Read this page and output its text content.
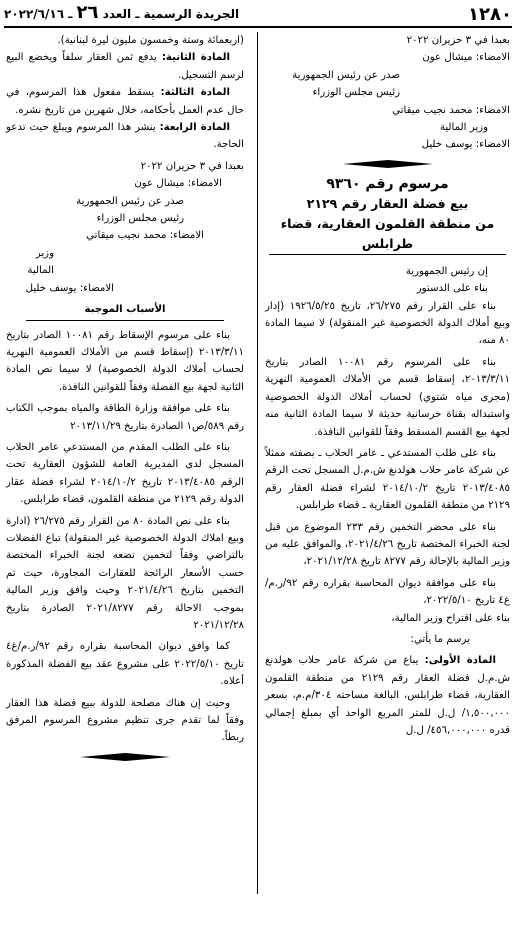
الجريدة الرسمية ـ العدد ٢٦ ـ ۲۰۲۲/٦/۱٦	۱۲۸۰

بعبدا في ٣ حزيران ٢٠٢٢

الامضاء: ميشال عون

صدر عن رئيس الجمهورية

رئيس مجلس الوزراء

الامضاء: محمد نجيب ميقاتي

وزير المالية

الامضاء: يوسف خليل

مرسوم رقم ٩٣٦٠
بيع فضلة العقار رقم ٢١٢٩
من منطقة القلمون العقارية، قضاء طرابلس

إن رئيس الجمهورية

بناء على الدستور

بناء على القرار رقم ٢٦/٢٧٥، تاريخ ١٩٢٦/٥/٢٥ (إدار وبيع أملاك الدولة الخصوصية غير المنقولة) لا سيما المادة ٨٠ منه،

بناء على المرسوم رقم ١٠٠٨١ الصادر بتاريخ ٢٠١٣/٣/١١، إسقاط قسم من الأملاك العمومية النهرية (مجرى مياه شتوي) لحساب أملاك الدولة الخصوصية واستبداله بقناة خرسانية حديثة لا سيما المادة الثانية منه لجهة بيع القسم المسقط وفقاً للقوانين النافذة.

بناء على طلب المستدعي ـ عامر الحلاب ـ بصفته ممثلاً عن شركة عامر حلاب هولدنغ ش.م.ل المسجل تحت الرقم ٢٠١٣/٤٠٨٥ تاريخ ٢٠١٤/١٠/٢ لشراء فضلة العقار رقم ٢١٢٩ من منطقة القلمون العقارية ـ قضاء طرابلس.

بناء على محضر التخمين رقم ٢٣٣ الموضوع من قبل لجنة الخبراء المختصة تاريخ ٢٠٢١/٤/٢٦، والموافق عليه من وزير المالية بالإحالة رقم ٨٢٧٧ تاريخ ٢٠٢١/١٢/٢٨،

بناء على موافقة ديوان المحاسبة بقراره رقم ٩٢/ر.م/غ٤ تاريخ ٢٠٢٢/٥/١٠،

بناء على اقتراح وزير المالية،

يرسم ما يأتي:

المادة الأولى: يباع من شركة عامر حلاب هولدنغ ش.م.ل فضلة العقار رقم ٢١٢٩ من منطقة القلمون العقارية، قضاء طرابلس، البالغة مساحته ٣٠٤/م.م، بسعر ١,٥٠٠,٠٠٠/ ل.ل للمتر المربع الواحد أي بمبلغ إجمالي قدره ٤٥٦,٠٠٠,٠٠٠/ ل.ل

(اربعمائة وستة وخمسون مليون ليرة لبنانية).

المادة الثانية: يدفع ثمن العقار سلفاً ويخضع البيع لرسم التسجيل.

المادة الثالثة: يسقط مفعول هذا المرسوم، في حال عدم العمل بأحكامه، خلال شهرين من تاريخ نشره.

المادة الرابعة: ينشر هذا المرسوم ويبلغ حيث تدعو الحاجة.

بعبدا في ٣ حزيران ٢٠٢٢

الامضاء: ميشال عون

صدر عن رئيس الجمهورية

رئيس مجلس الوزراء

الامضاء: محمد نجيب ميقاتي

وزير المالية

الامضاء: يوسف خليل

الأسباب الموجبة

بناء على مرسوم الإسقاط رقم ١٠٠٨١ الصادر بتاريخ ٢٠١٣/٣/١١ (إسقاط قسم من الأملاك العمومية النهرية لحساب أملاك الدولة الخصوصية) لا سيما نص المادة الثانية لجهة بيع الفضلة وفقاً للقوانين النافذة.

بناء على موافقة وزارة الطاقة والمياه بموجب الكتاب رقم ٥٨٩/ص١ الصادرة بتاريخ ٢٠١٣/١١/٢٩

بناء على الطلب المقدم من المستدعي عامر الحلاب المسجل لدى المديرية العامة للشؤون العقارية تحت الرقم ٢٠١٣/٤٠٨٥ تاريخ ٢٠١٤/١٠/٢ لشراء فضلة عقار الدولة رقم ٢١٢٩ من منطقة القلمون، قضاء طرابلس.

بناء على نص المادة ٨٠ من القرار رقم ٢٦/٢٧٥ (ادارة وبيع املاك الدولة الخصوصية غير المنقولة) تباع الفضلات بالتراضي وفقاً لتخمين تضعه لجنة الخبراء المختصة حسب الأسعار الرائجة للعقارات المجاورة، حيث تم التخمين بتاريخ ٢٠٢١/٤/٢٦ وحيث وافق وزير المالية بموجب الاحالة رقم ٢٠٢١/٨٢٧٧ الصادرة بتاريخ ٢٠٢١/١٢/٢٨

كما وافق ديوان المحاسبة بقراره رقم ٩٢/ر.م/غ٤ تاريخ ٢٠٢٢/٥/١٠ على مشروع عقد بيع الفضلة المذكورة أعلاه.

وحيث إن هناك مصلحة للدولة ببيع فضلة هذا العقار وفقاً لما تقدم جرى تنظيم مشروع المرسوم المرفق ربطاً.
